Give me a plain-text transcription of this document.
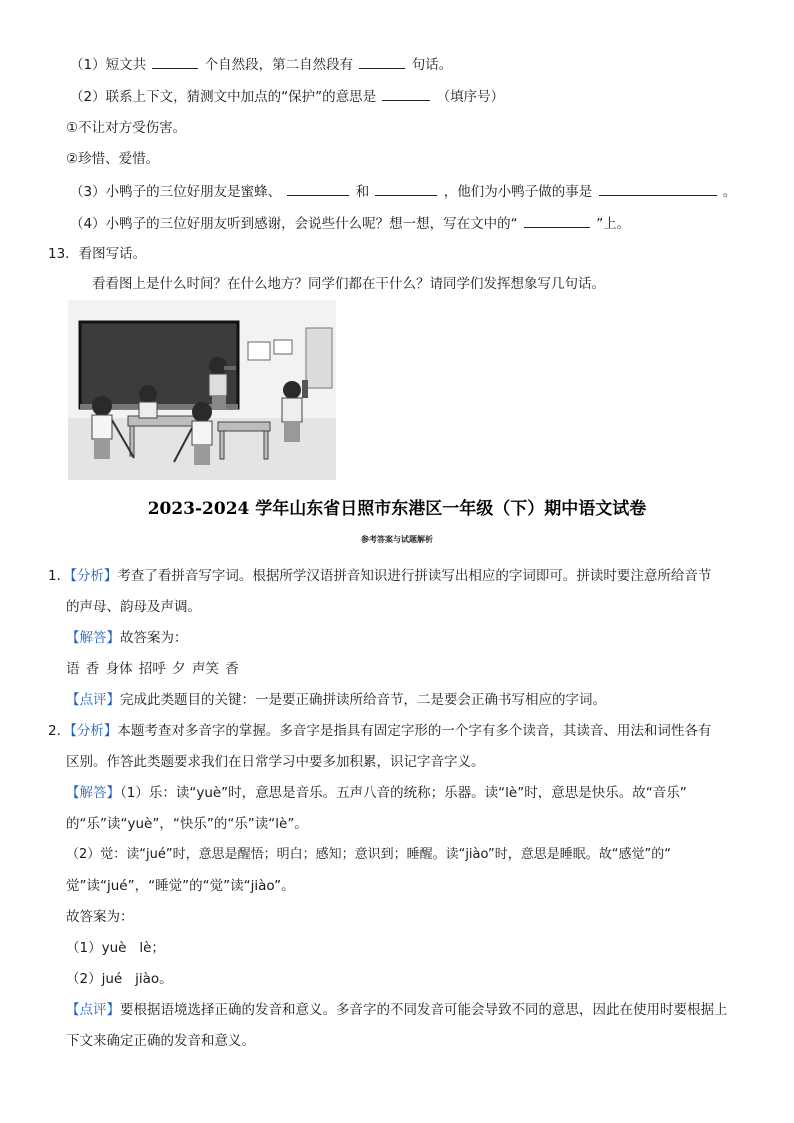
（1）短文共	个自然段，第二自然段有	句话。
（2）联系上下文，猜测文中加点的“保护”的意思是	（填序号）
①不让对方受伤害。
②珍惜、爱惜。
（3）小鸭子的三位好朋友是蜜蜂、	和	，他们为小鸭子做的事是	。
（4）小鸭子的三位好朋友听到感谢，会说些什么呢？想一想，写在文中的“	”上。
13．看图写话。
看看图上是什么时间？在什么地方？同学们都在干什么？请同学们发挥想象写几句话。
2023-2024 学年山东省日照市东港区一年级（下）期中语文试卷
参考答案与试题解析
1．【分析】考查了看拼音写字词。根据所学汉语拼音知识进行拼读写出相应的字词即可。拼读时要注意所给音节
的声母、韵母及声调。
【解答】故答案为：
语 香 身体 招呼 夕 声笑 香
【点评】完成此类题目的关键：一是要正确拼读所给音节，二是要会正确书写相应的字词。
2．【分析】本题考查对多音字的掌握。多音字是指具有固定字形的一个字有多个读音，其读音、用法和词性各有
区别。作答此类题要求我们在日常学习中要多加积累，识记字音字义。
【解答】（1）乐：读“yuè”时，意思是音乐。五声八音的统称；乐器。读“lè”时，意思是快乐。故“音乐”
的“乐”读“yuè”，“快乐”的“乐”读“lè”。
（2）觉：读“jué”时，意思是醒悟；明白；感知；意识到；睡醒。读“jiào”时，意思是睡眠。故“感觉”的“
觉”读“jué”，“睡觉”的“觉”读“jiào”。
故答案为：
（1）yuè   lè；
（2）jué   jiào。
【点评】要根据语境选择正确的发音和意义。多音字的不同发音可能会导致不同的意思，因此在使用时要根据上
下文来确定正确的发音和意义。
